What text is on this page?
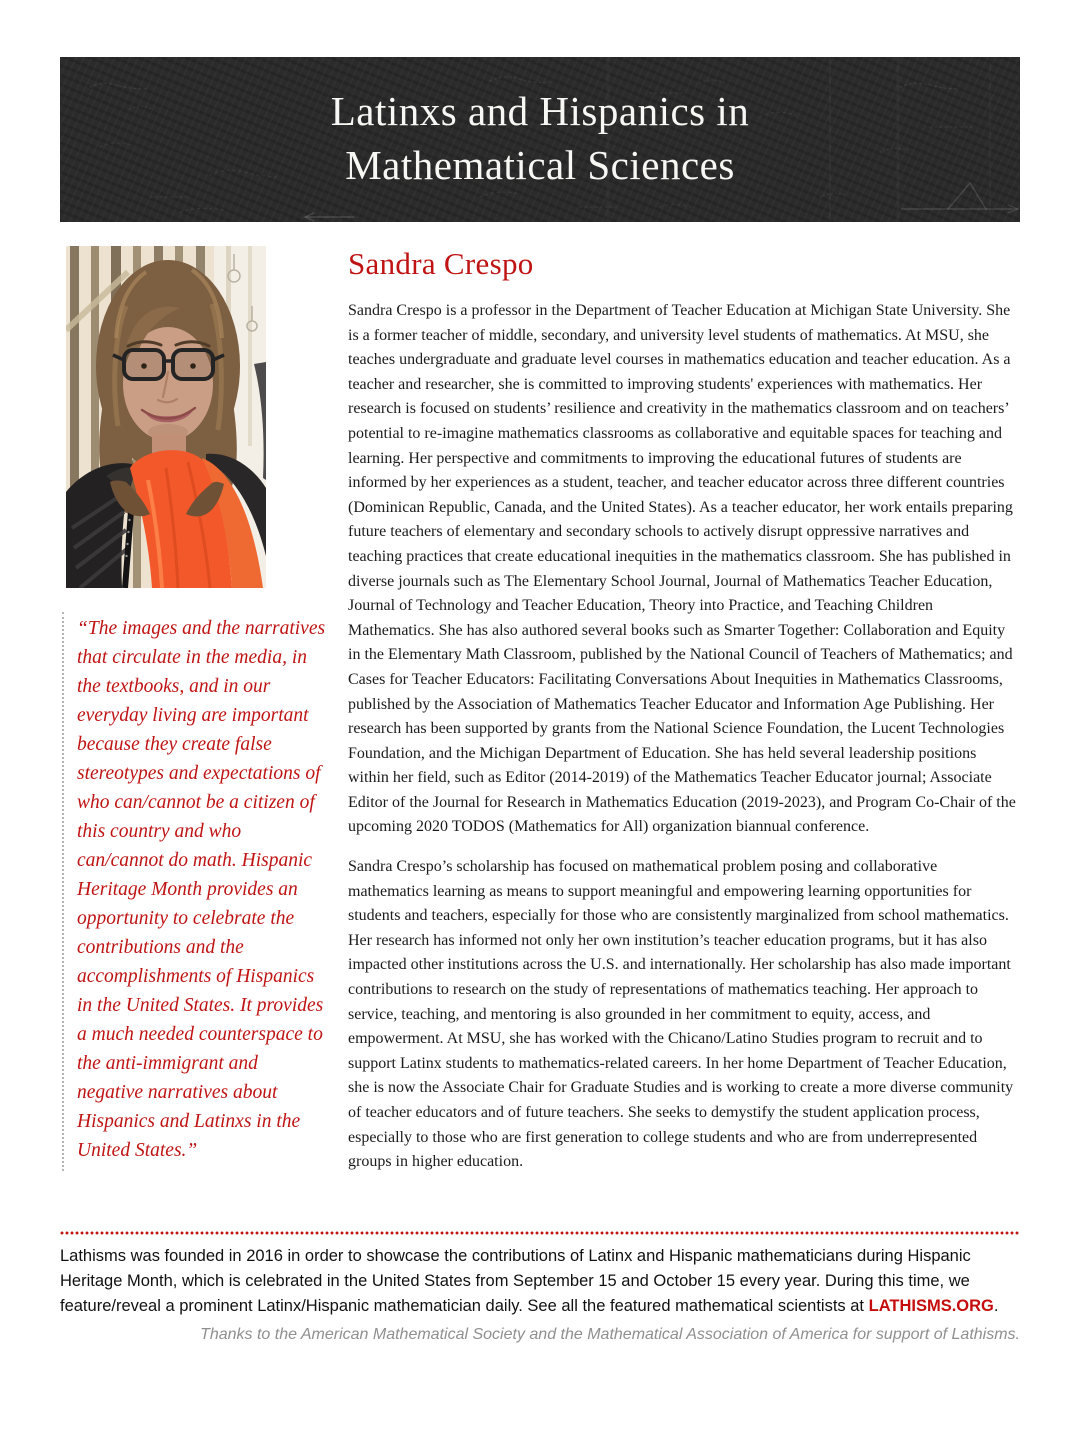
Latinxs and Hispanics in
Mathematical Sciences
“The images and the narratives that circulate in the media, in the textbooks, and in our everyday living are important because they create false stereotypes and expectations of who can/cannot be a citizen of this country and who can/cannot do math. Hispanic Heritage Month provides an opportunity to celebrate the contributions and the accomplishments of Hispanics in the United States. It provides a much needed counterspace to the anti-immigrant and negative narratives about Hispanics and Latinxs in the United States.”
Sandra Crespo

Sandra Crespo is a professor in the Department of Teacher Education at Michigan State University. She is a former teacher of middle, secondary, and university level students of mathematics. At MSU, she teaches undergraduate and graduate level courses in mathematics education and teacher education. As a teacher and researcher, she is committed to improving students' experiences with mathematics. Her research is focused on students’ resilience and creativity in the mathematics classroom and on teachers’ potential to re-imagine mathematics classrooms as collaborative and equitable spaces for teaching and learning. Her perspective and commitments to improving the educational futures of students are informed by her experiences as a student, teacher, and teacher educator across three different countries (Dominican Republic, Canada, and the United States). As a teacher educator, her work entails preparing future teachers of elementary and secondary schools to actively disrupt oppressive narratives and teaching practices that create educational inequities in the mathematics classroom. She has published in diverse journals such as The Elementary School Journal, Journal of Mathematics Teacher Education, Journal of Technology and Teacher Education, Theory into Practice, and Teaching Children Mathematics. She has also authored several books such as Smarter Together: Collaboration and Equity in the Elementary Math Classroom, published by the National Council of Teachers of Mathematics; and Cases for Teacher Educators: Facilitating Conversations About Inequities in Mathematics Classrooms, published by the Association of Mathematics Teacher Educator and Information Age Publishing. Her research has been supported by grants from the National Science Foundation, the Lucent Technologies Foundation, and the Michigan Department of Education. She has held several leadership positions within her field, such as Editor (2014-2019) of the Mathematics Teacher Educator journal; Associate Editor of the Journal for Research in Mathematics Education (2019-2023), and Program Co-Chair of the upcoming 2020 TODOS (Mathematics for All) organization biannual conference.

Sandra Crespo’s scholarship has focused on mathematical problem posing and collaborative mathematics learning as means to support meaningful and empowering learning opportunities for students and teachers, especially for those who are consistently marginalized from school mathematics. Her research has informed not only her own institution’s teacher education programs, but it has also impacted other institutions across the U.S. and internationally. Her scholarship has also made important contributions to research on the study of representations of mathematics teaching. Her approach to service, teaching, and mentoring is also grounded in her commitment to equity, access, and empowerment. At MSU, she has worked with the Chicano/Latino Studies program to recruit and to support Latinx students to mathematics-related careers. In her home Department of Teacher Education, she is now the Associate Chair for Graduate Studies and is working to create a more diverse community of teacher educators and of future teachers. She seeks to demystify the student application process, especially to those who are first generation to college students and who are from underrepresented groups in higher education.

Lathisms was founded in 2016 in order to showcase the contributions of Latinx and Hispanic mathematicians during Hispanic Heritage Month, which is celebrated in the United States from September 15 and October 15 every year. During this time, we feature/reveal a prominent Latinx/Hispanic mathematician daily. See all the featured mathematical scientists at LATHISMS.ORG.

Thanks to the American Mathematical Society and the Mathematical Association of America for support of Lathisms.
